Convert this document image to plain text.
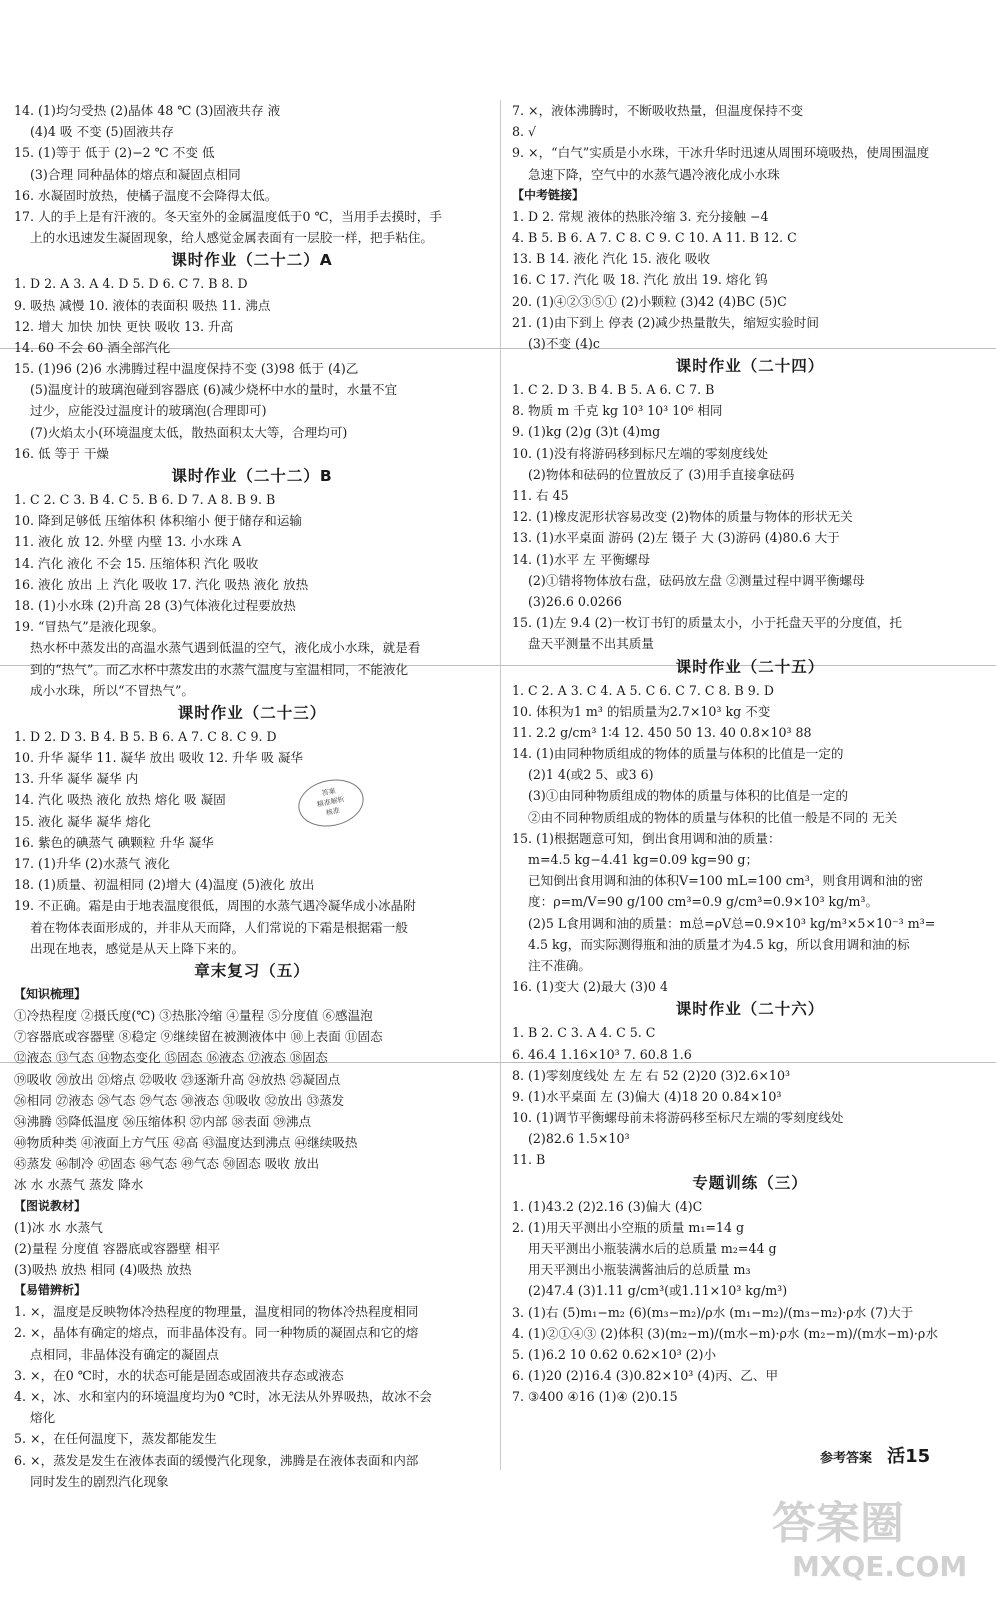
14. (1)均匀受热 (2)晶体 48 ℃ (3)固液共存 液
(4)4 吸 不变 (5)固液共存
15. (1)等于 低于 (2)−2 ℃ 不变 低
(3)合理 同种晶体的熔点和凝固点相同
16. 水凝固时放热，使橘子温度不会降得太低。
17. 人的手上是有汗液的。冬天室外的金属温度低于0 ℃，当用手去摸时，手
上的水迅速发生凝固现象，给人感觉金属表面有一层胶一样，把手粘住。
课时作业（二十二）A
1. D 2. A 3. A 4. D 5. D 6. C 7. B 8. D
9. 吸热 减慢 10. 液体的表面积 吸热 11. 沸点
12. 增大 加快 加快 更快 吸收 13. 升高
14. 60 不会 60 酒全部汽化
15. (1)96 (2)6 水沸腾过程中温度保持不变 (3)98 低于 (4)乙
(5)温度计的玻璃泡碰到容器底 (6)减少烧杯中水的量时，水量不宜
过少，应能没过温度计的玻璃泡(合理即可)
(7)火焰太小(环境温度太低，散热面积太大等，合理均可)
16. 低 等于 干燥
课时作业（二十二）B
1. C 2. C 3. B 4. C 5. B 6. D 7. A 8. B 9. B
10. 降到足够低 压缩体积 体积缩小 便于储存和运输
11. 液化 放 12. 外壁 内壁 13. 小水珠 A
14. 汽化 液化 不会 15. 压缩体积 汽化 吸收
16. 液化 放出 上 汽化 吸收 17. 汽化 吸热 液化 放热
18. (1)小水珠 (2)升高 28 (3)气体液化过程要放热
19. “冒热气”是液化现象。
热水杯中蒸发出的高温水蒸气遇到低温的空气，液化成小水珠，就是看
到的“热气”。而乙水杯中蒸发出的水蒸气温度与室温相同，不能液化
成小水珠，所以“不冒热气”。
课时作业（二十三）
1. D 2. D 3. B 4. B 5. B 6. A 7. C 8. C 9. D
10. 升华 凝华 11. 凝华 放出 吸收 12. 升华 吸 凝华
13. 升华 凝华 凝华 内
14. 汽化 吸热 液化 放热 熔化 吸 凝固
15. 液化 凝华 凝华 熔化
16. 紫色的碘蒸气 碘颗粒 升华 凝华
17. (1)升华 (2)水蒸气 液化
18. (1)质量、初温相同 (2)增大 (4)温度 (5)液化 放出
19. 不正确。霜是由于地表温度很低，周围的水蒸气遇冷凝华成小冰晶附
着在物体表面形成的，并非从天而降，人们常说的下霜是根据霜一般
出现在地表，感觉是从天上降下来的。
章末复习（五）
【知识梳理】
①冷热程度 ②摄氏度(℃) ③热胀冷缩 ④量程 ⑤分度值 ⑥感温泡
⑦容器底或容器壁 ⑧稳定 ⑨继续留在被测液体中 ⑩上表面 ⑪固态
⑫液态 ⑬气态 ⑭物态变化 ⑮固态 ⑯液态 ⑰液态 ⑱固态
⑲吸收 ⑳放出 ㉑熔点 ㉒吸收 ㉓逐渐升高 ㉔放热 ㉕凝固点
㉖相同 ㉗液态 ㉘气态 ㉙气态 ㉚液态 ㉛吸收 ㉜放出 ㉝蒸发
㉞沸腾 ㉟降低温度 ㊱压缩体积 ㊲内部 ㊳表面 ㊴沸点
㊵物质种类 ㊶液面上方气压 ㊷高 ㊸温度达到沸点 ㊹继续吸热
㊺蒸发 ㊻制冷 ㊼固态 ㊽气态 ㊾气态 ㊿固态 吸收 放出
冰 水 水蒸气 蒸发 降水
【图说教材】
(1)冰 水 水蒸气
(2)量程 分度值 容器底或容器壁 相平
(3)吸热 放热 相同 (4)吸热 放热
【易错辨析】
1. ×，温度是反映物体冷热程度的物理量，温度相同的物体冷热程度相同
2. ×，晶体有确定的熔点，而非晶体没有。同一种物质的凝固点和它的熔
点相同，非晶体没有确定的凝固点
3. ×，在0 ℃时，水的状态可能是固态或固液共存态或液态
4. ×，冰、水和室内的环境温度均为0 ℃时，冰无法从外界吸热，故冰不会
熔化
5. ×，在任何温度下，蒸发都能发生
6. ×，蒸发是发生在液体表面的缓慢汽化现象，沸腾是在液体表面和内部
同时发生的剧烈汽化现象
7. ×，液体沸腾时，不断吸收热量，但温度保持不变
8. √
9. ×，“白气”实质是小水珠，干冰升华时迅速从周围环境吸热，使周围温度
急速下降，空气中的水蒸气遇冷液化成小水珠
【中考链接】
1. D 2. 常规 液体的热胀冷缩 3. 充分接触 −4
4. B 5. B 6. A 7. C 8. C 9. C 10. A 11. B 12. C
13. B 14. 液化 汽化 15. 液化 吸收
16. C 17. 汽化 吸 18. 汽化 放出 19. 熔化 钨
20. (1)④②③⑤① (2)小颗粒 (3)42 (4)BC (5)C
21. (1)由下到上 停表 (2)减少热量散失，缩短实验时间
(3)不变 (4)c
课时作业（二十四）
1. C 2. D 3. B 4. B 5. A 6. C 7. B
8. 物质 m 千克 kg 10³ 10³ 10⁶ 相同
9. (1)kg (2)g (3)t (4)mg
10. (1)没有将游码移到标尺左端的零刻度线处
(2)物体和砝码的位置放反了 (3)用手直接拿砝码
11. 右 45
12. (1)橡皮泥形状容易改变 (2)物体的质量与物体的形状无关
13. (1)水平桌面 游码 (2)左 镊子 大 (3)游码 (4)80.6 大于
14. (1)水平 左 平衡螺母
(2)①错将物体放右盘，砝码放左盘 ②测量过程中调平衡螺母
(3)26.6 0.0266
15. (1)左 9.4 (2)一枚订书钉的质量太小，小于托盘天平的分度值，托
盘天平测量不出其质量
课时作业（二十五）
1. C 2. A 3. C 4. A 5. C 6. C 7. C 8. B 9. D
10. 体积为1 m³ 的铝质量为2.7×10³ kg 不变
11. 2.2 g/cm³ 1∶4 12. 450 50 13. 40 0.8×10³ 88
14. (1)由同种物质组成的物体的质量与体积的比值是一定的
(2)1 4(或2 5、或3 6)
(3)①由同种物质组成的物体的质量与体积的比值是一定的
②由不同种物质组成的物体的质量与体积的比值一般是不同的 无关
15. (1)根据题意可知，倒出食用调和油的质量：
m=4.5 kg−4.41 kg=0.09 kg=90 g；
已知倒出食用调和油的体积V=100 mL=100 cm³，则食用调和油的密
度：ρ=m/V=90 g/100 cm³=0.9 g/cm³=0.9×10³ kg/m³。
(2)5 L食用调和油的质量：m总=ρV总=0.9×10³ kg/m³×5×10⁻³ m³=
4.5 kg，而实际测得瓶和油的质量才为4.5 kg，所以食用调和油的标
注不准确。
16. (1)变大 (2)最大 (3)0 4
课时作业（二十六）
1. B 2. C 3. A 4. C 5. C
6. 46.4 1.16×10³ 7. 60.8 1.6
8. (1)零刻度线处 左 左 右 52 (2)20 (3)2.6×10³
9. (1)水平桌面 左 (3)偏大 (4)18 20 0.84×10³
10. (1)调节平衡螺母前未将游码移至标尺左端的零刻度线处
(2)82.6 1.5×10³
11. B
专题训练（三）
1. (1)43.2 (2)2.16 (3)偏大 (4)C
2. (1)用天平测出小空瓶的质量 m₁=14 g
用天平测出小瓶装满水后的总质量 m₂=44 g
用天平测出小瓶装满酱油后的总质量 m₃
(2)47.4 (3)1.11 g/cm³(或1.11×10³ kg/m³)
3. (1)右 (5)m₁−m₂ (6)(m₃−m₂)/ρ水 (m₁−m₂)/(m₃−m₂)·ρ水 (7)大于
4. (1)②①④③ (2)体积 (3)(m₂−m)/(m水−m)·ρ水 (m₂−m)/(m水−m)·ρ水
5. (1)6.2 10 0.62 0.62×10³ (2)小
6. (1)20 (2)16.4 (3)0.82×10³ (4)丙、乙、甲
7. ③400 ④16 (1)④ (2)0.15
答案
精准解析
核准
参考答案 活15
答案圈
MXQE.COM
